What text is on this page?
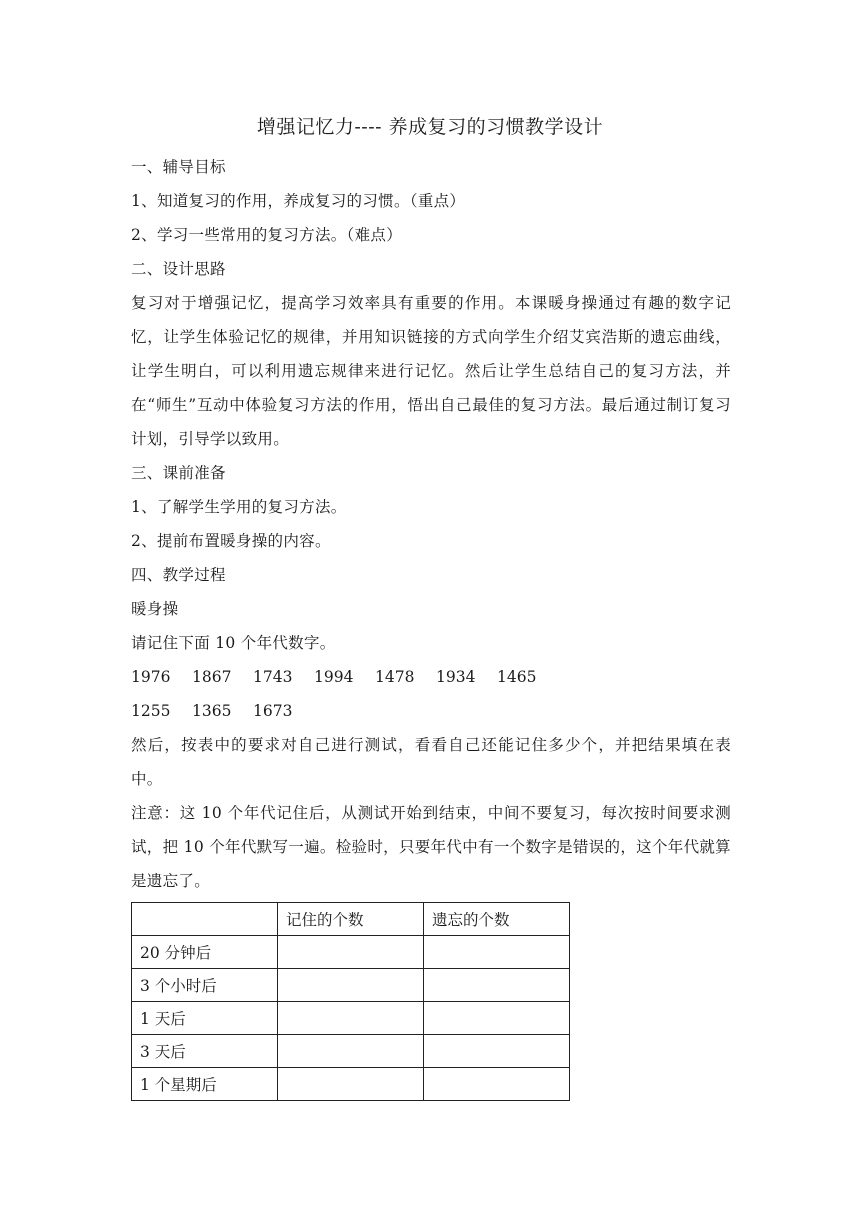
增强记忆力---- 养成复习的习惯教学设计

一、辅导目标

1、知道复习的作用，养成复习的习惯。（重点）

2、学习一些常用的复习方法。（难点）

二、设计思路

复习对于增强记忆，提高学习效率具有重要的作用。本课暖身操通过有趣的数字记忆，让学生体验记忆的规律，并用知识链接的方式向学生介绍艾宾浩斯的遗忘曲线，让学生明白，可以利用遗忘规律来进行记忆。然后让学生总结自己的复习方法，并在“师生”互动中体验复习方法的作用，悟出自己最佳的复习方法。最后通过制订复习计划，引导学以致用。

三、课前准备

1、了解学生学用的复习方法。

2、提前布置暖身操的内容。

四、教学过程

暖身操

请记住下面 10 个年代数字。

1976	1867	1743	1994	1478	1934	1465
1255	1365	1673

然后，按表中的要求对自己进行测试，看看自己还能记住多少个，并把结果填在表中。

注意：这 10 个年代记住后，从测试开始到结束，中间不要复习，每次按时间要求测试，把 10 个年代默写一遍。检验时，只要年代中有一个数字是错误的，这个年代就算是遗忘了。

	记住的个数	遗忘的个数
20 分钟后		
3 个小时后		
1 天后		
3 天后		
1 个星期后		
